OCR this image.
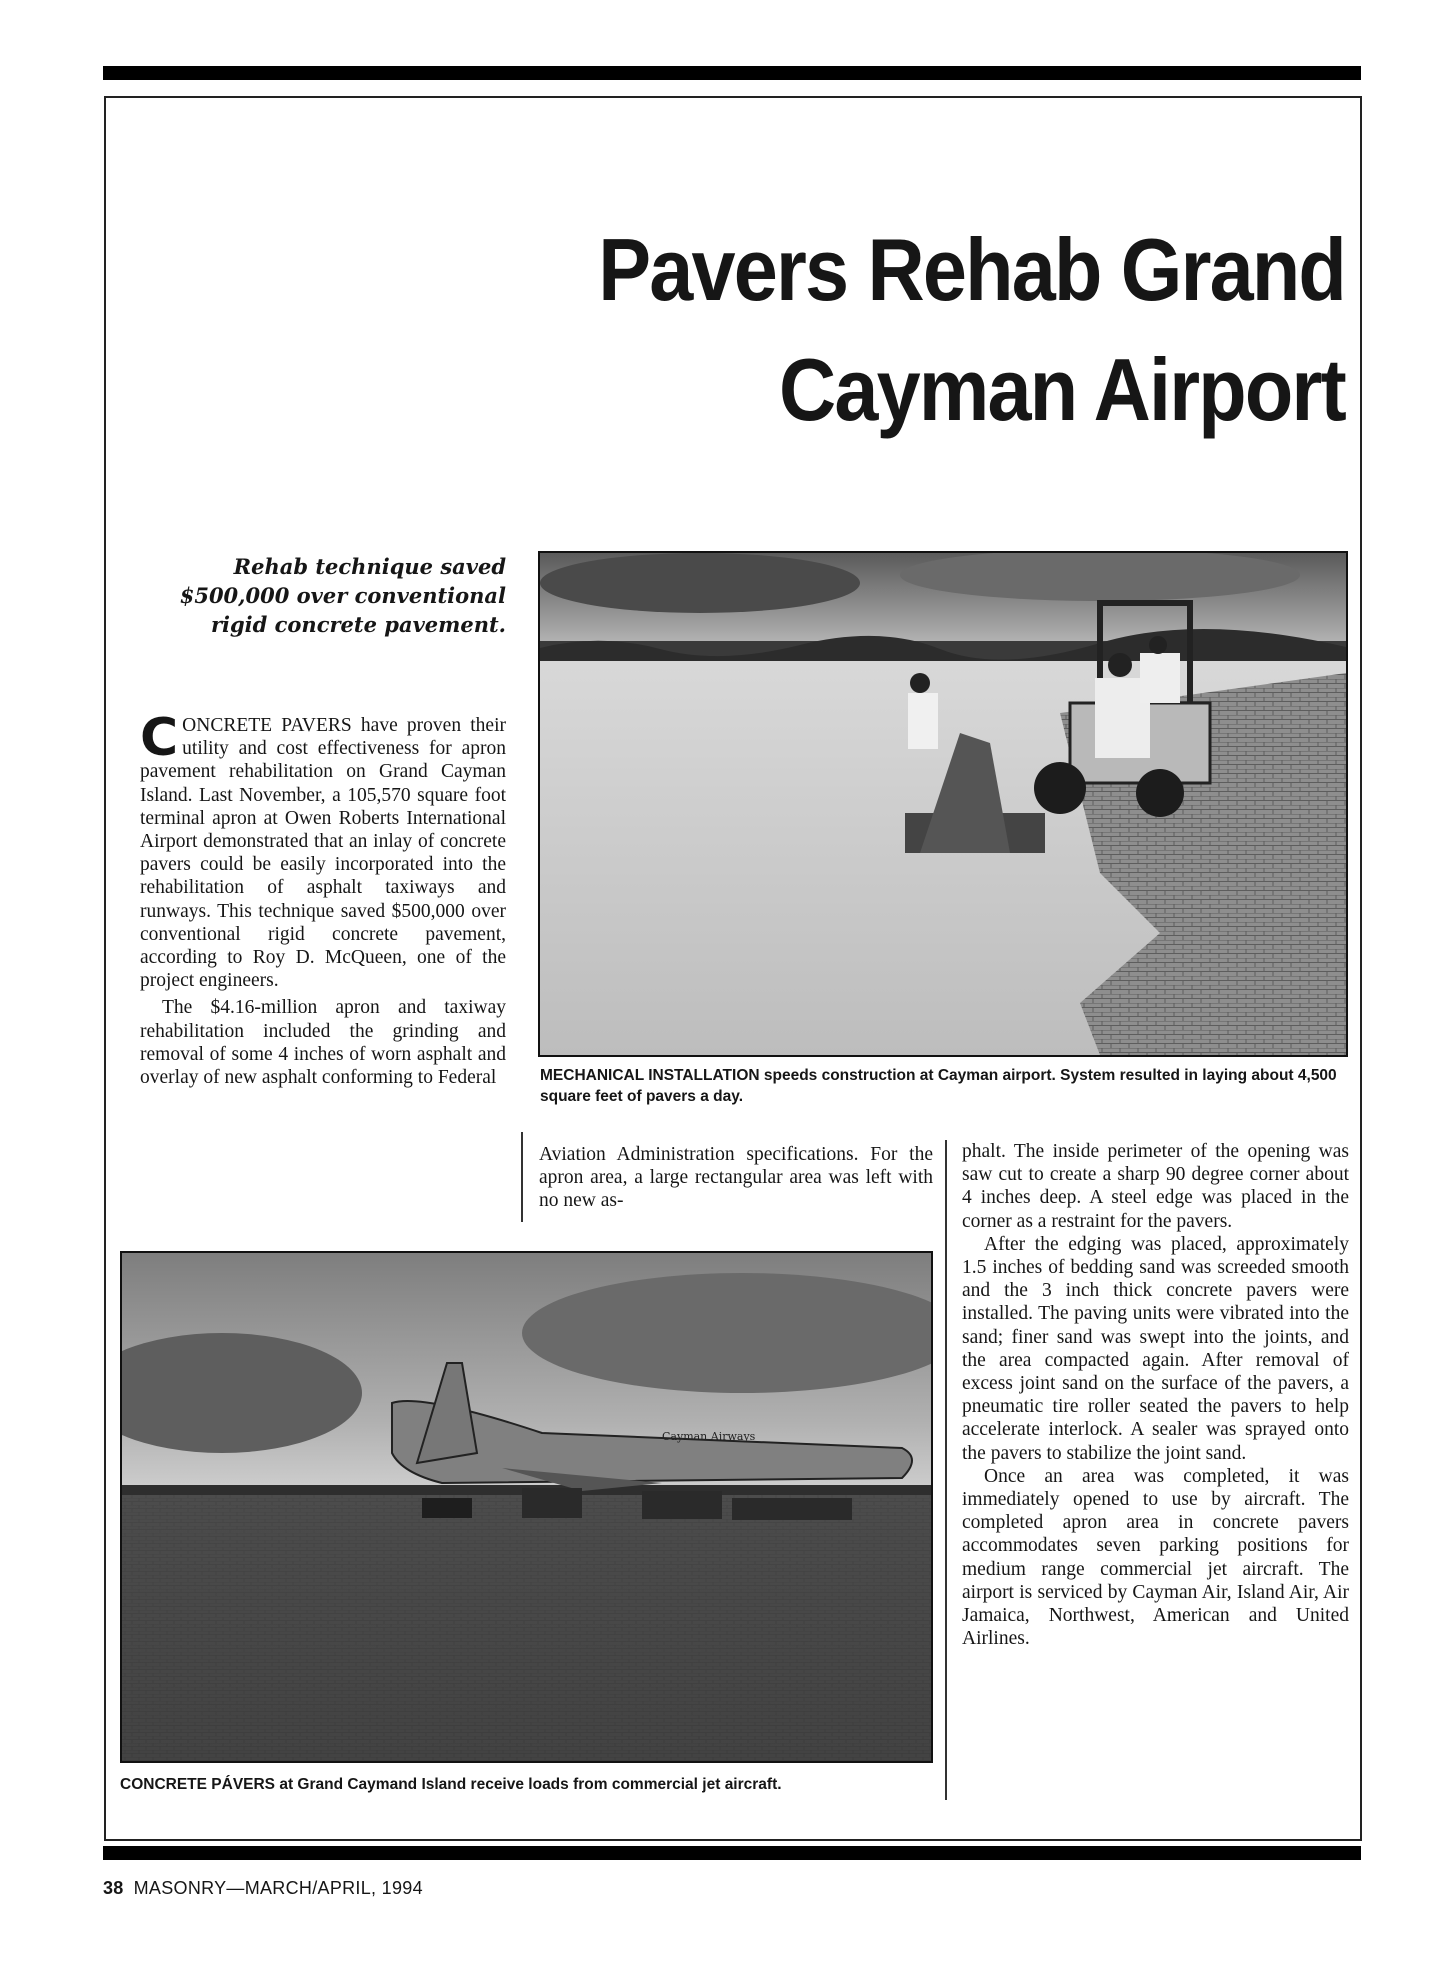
Pavers Rehab Grand
Cayman Airport

Rehab technique saved $500,000 over conventional rigid concrete pavement.

CONCRETE PAVERS have proven their utility and cost effectiveness for apron pavement rehabilitation on Grand Cayman Island. Last November, a 105,570 square foot terminal apron at Owen Roberts International Airport demonstrated that an inlay of concrete pavers could be easily incorporated into the rehabilitation of asphalt taxiways and runways. This technique saved $500,000 over conventional rigid concrete pavement, according to Roy D. McQueen, one of the project engineers.

The $4.16-million apron and taxiway rehabilitation included the grinding and removal of some 4 inches of worn asphalt and overlay of new asphalt conforming to Federal	MECHANICAL INSTALLATION speeds construction at Cayman airport. System resulted in laying about 4,500 square feet of pavers a day.

Aviation Administration specifications. For the apron area, a large rectangular area was left with no new as-

phalt. The inside perimeter of the opening was saw cut to create a sharp 90 degree corner about 4 inches deep. A steel edge was placed in the corner as a restraint for the pavers.

After the edging was placed, approximately 1.5 inches of bedding sand was screeded smooth and the 3 inch thick concrete pavers were installed. The paving units were vibrated into the sand; finer sand was swept into the joints, and the area compacted again. After removal of excess joint sand on the surface of the pavers, a pneumatic tire roller seated the pavers to help accelerate interlock. A sealer was sprayed onto the pavers to stabilize the joint sand.

Once an area was completed, it was immediately opened to use by aircraft. The completed apron area in concrete pavers accommodates seven parking positions for medium range commercial jet aircraft. The airport is serviced by Cayman Air, Island Air, Air Jamaica, Northwest, American and United Airlines.

Cayman Airways

CONCRETE PÁVERS at Grand Caymand Island receive loads from commercial jet aircraft.

38 MASONRY—MARCH/APRIL, 1994
